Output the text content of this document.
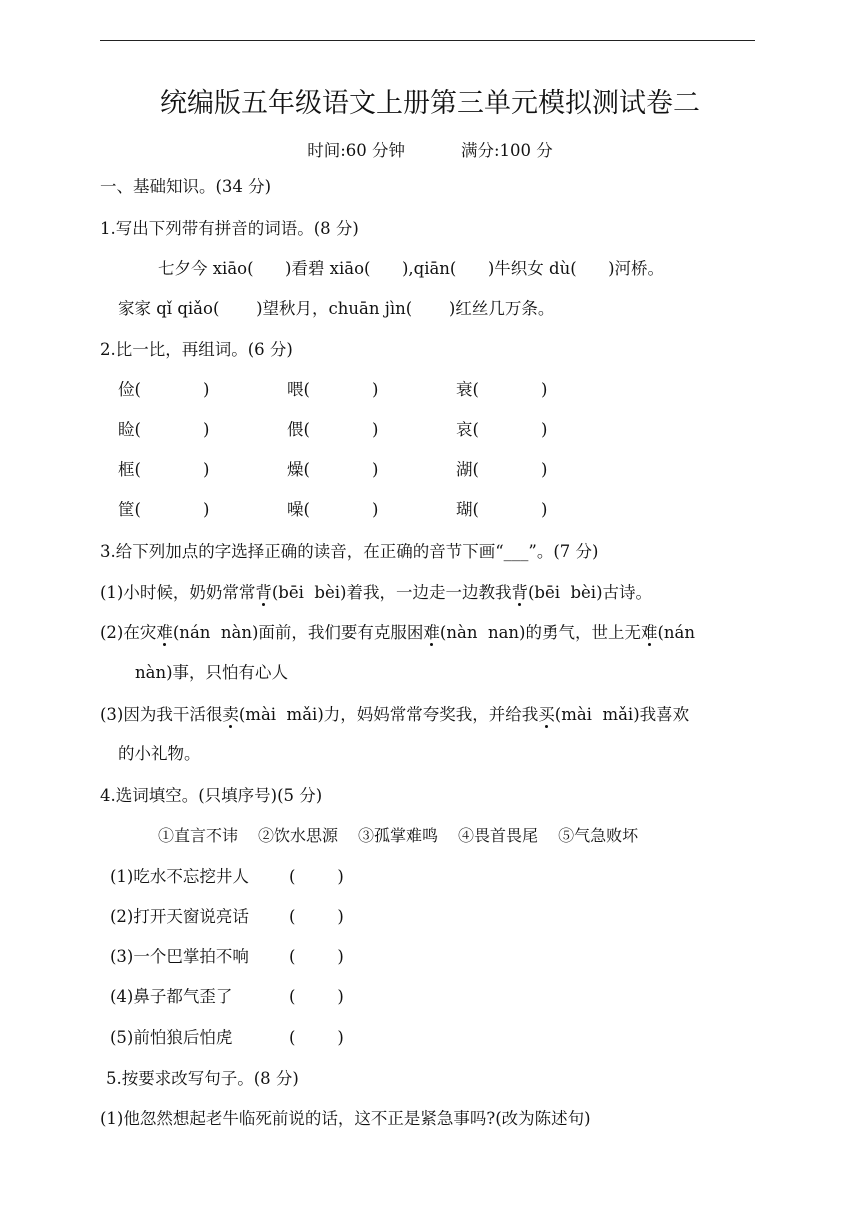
统编版五年级语文上册第三单元模拟测试卷二
时间:60 分钟	满分:100 分
一、基础知识。(34 分)
1.写出下列带有拼音的词语。(8 分)
七夕今 xiāo(      )看碧 xiāo(      ),qiān(      )牛织女 dù(      )河桥。
家家 qǐ qiǎo(       )望秋月，chuān jìn(       )红丝几万条。
2.比一比，再组词。(6 分)
俭(	)	喂(	)	衰(	)
睑(	)	偎(	)	哀(	)
框(	)	燥(	)	湖(	)
筐(	)	噪(	)	瑚(	)
3.给下列加点的字选择正确的读音，在正确的音节下画“___”。(7 分)
(1)小时候，奶奶常常背(bēi  bèi)着我，一边走一边教我背(bēi  bèi)古诗。
(2)在灾难(nán  nàn)面前，我们要有克服困难(nàn  nan)的勇气，世上无难(nán
nàn)事，只怕有心人
(3)因为我干活很卖(mài  mǎi)力，妈妈常常夸奖我，并给我买(mài  mǎi)我喜欢
的小礼物。
4.选词填空。(只填序号)(5 分)
①直言不讳 ②饮水思源 ③孤掌难鸣 ④畏首畏尾 ⑤气急败坏
(1)吃水不忘挖井人 (        )
(2)打开天窗说亮话 (        )
(3)一个巴掌拍不响 (        )
(4)鼻子都气歪了	(        )
(5)前怕狼后怕虎	(        )
5.按要求改写句子。(8 分)
(1)他忽然想起老牛临死前说的话，这不正是紧急事吗?(改为陈述句)
